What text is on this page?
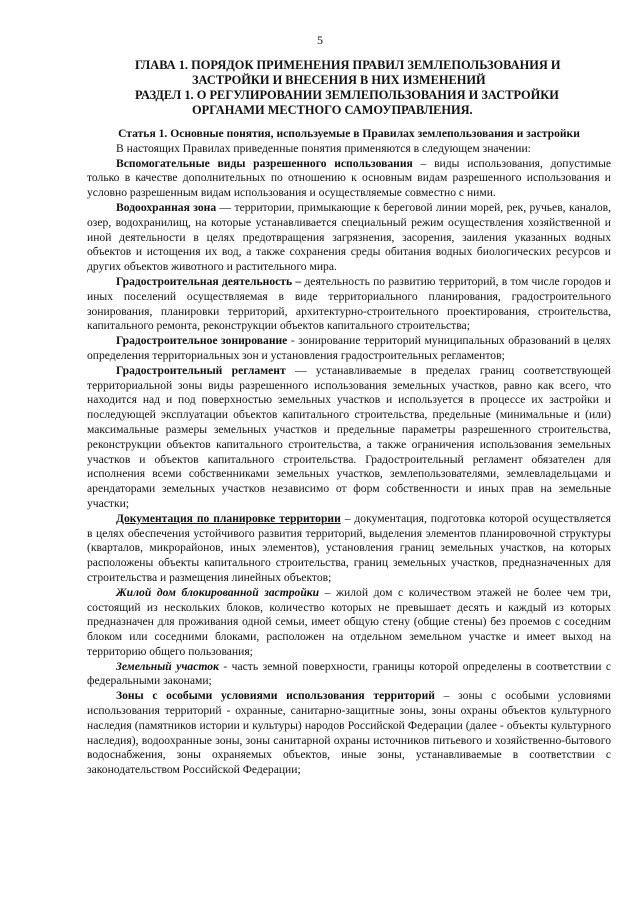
5
ГЛАВА 1. ПОРЯДОК ПРИМЕНЕНИЯ ПРАВИЛ ЗЕМЛЕПОЛЬЗОВАНИЯ И
ЗАСТРОЙКИ И ВНЕСЕНИЯ В НИХ ИЗМЕНЕНИЙ
РАЗДЕЛ 1. О РЕГУЛИРОВАНИИ ЗЕМЛЕПОЛЬЗОВАНИЯ И ЗАСТРОЙКИ
ОРГАНАМИ МЕСТНОГО САМОУПРАВЛЕНИЯ.
Статья 1. Основные понятия, используемые в Правилах землепользования и застройки

В настоящих Правилах приведенные понятия применяются в следующем значении:

Вспомогательные виды разрешенного использования – виды использования, допустимые только в качестве дополнительных по отношению к основным видам разрешенного использования и условно разрешенным видам использования и осуществляемые совместно с ними.

Водоохранная зона — территории, примыкающие к береговой линии морей, рек, ручьев, каналов, озер, водохранилищ, на которые устанавливается специальный режим осуществления хозяйственной и иной деятельности в целях предотвращения загрязнения, засорения, заиления указанных водных объектов и истощения их вод, а также сохранения среды обитания водных биологических ресурсов и других объектов животного и растительного мира.

Градостроительная деятельность – деятельность по развитию территорий, в том числе городов и иных поселений осуществляемая в виде территориального планирования, градостроительного зонирования, планировки территорий, архитектурно-строительного проектирования, строительства, капитального ремонта, реконструкции объектов капитального строительства;

Градостроительное зонирование - зонирование территорий муниципальных образований в целях определения территориальных зон и установления градостроительных регламентов;

Градостроительный регламент — устанавливаемые в пределах границ соответствующей территориальной зоны виды разрешенного использования земельных участков, равно как всего, что находится над и под поверхностью земельных участков и используется в процессе их застройки и последующей эксплуатации объектов капитального строительства, предельные (минимальные и (или) максимальные размеры земельных участков и предельные параметры разрешенного строительства, реконструкции объектов капитального строительства, а также ограничения использования земельных участков и объектов капитального строительства. Градостроительный регламент обязателен для исполнения всеми собственниками земельных участков, землепользователями, землевладельцами и арендаторами земельных участков независимо от форм собственности и иных прав на земельные участки;

Документация по планировке территории – документация, подготовка которой осуществляется в целях обеспечения устойчивого развития территорий, выделения элементов планировочной структуры (кварталов, микрорайонов, иных элементов), установления границ земельных участков, на которых расположены объекты капитального строительства, границ земельных участков, предназначенных для строительства и размещения линейных объектов;

Жилой дом блокированной застройки – жилой дом с количеством этажей не более чем три, состоящий из нескольких блоков, количество которых не превышает десять и каждый из которых предназначен для проживания одной семьи, имеет общую стену (общие стены) без проемов с соседним блоком или соседними блоками, расположен на отдельном земельном участке и имеет выход на территорию общего пользования;

Земельный участок - часть земной поверхности, границы которой определены в соответствии с федеральными законами;

Зоны с особыми условиями использования территорий – зоны с особыми условиями использования территорий - охранные, санитарно-защитные зоны, зоны охраны объектов культурного наследия (памятников истории и культуры) народов Российской Федерации (далее - объекты культурного наследия), водоохранные зоны, зоны санитарной охраны источников питьевого и хозяйственно-бытового водоснабжения, зоны охраняемых объектов, иные зоны, устанавливаемые в соответствии с законодательством Российской Федерации;
